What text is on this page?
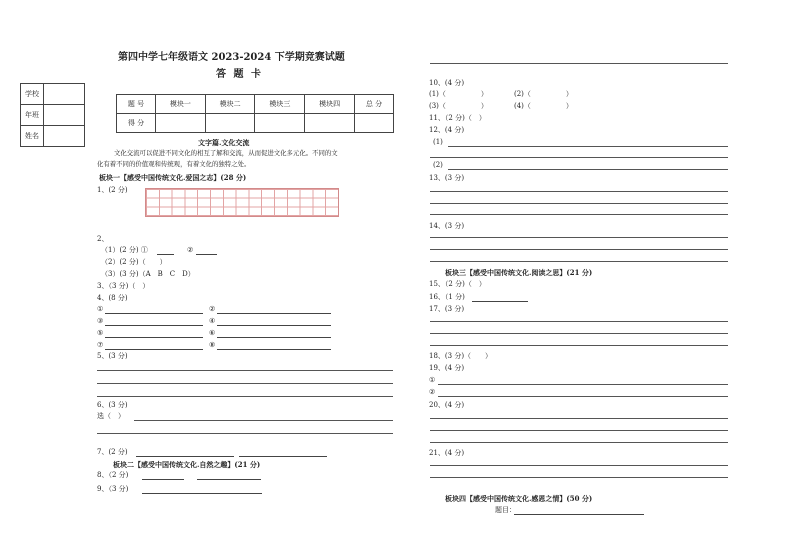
第四中学七年级语文 2023-2024 下学期竞赛试题
答 题 卡
学校	
年班	
姓名	
题 号	模块一	模块二	模块三	模块四	总 分
得 分					
文字篇.文化交流
文化交流可以促进不同文化的相互了解和交流，从而促进文化多元化。不同的文
化有着不同的价值观和传统观，有着文化的独特之处。
板块一【感受中国传统文化.爱国之志】(28 分)
1、(2 分)
2、
（1）(2 分) ①	②
（2）(2 分)（　　）
（3）(3 分)（A　B　C　D）
3、（3 分)（　）
4、(8 分)
①	②
③	④
⑤	⑥
⑦	⑧
5、(3 分)
6、(3 分)
选（　）
7、(2 分)
板块二【感受中国传统文化.自然之趣】(21 分)
8、（2 分)
9、（3 分)
10、(4 分)
(1)（　　　　　）	(2)（　　　　　）
(3)（　　　　　）	(4)（　　　　　）
11、（2 分)（　）
12、(4 分)
(1)
(2)
13、(3 分)
14、(3 分)
板块三【感受中国传统文化.阅读之思】(21 分)
15、（2 分)（　）
16、（1 分)
17、(3 分)
18、(3 分)（　　）
19、(4 分)
①
②
20、(4 分)
21、(4 分)
板块四【感受中国传统文化.感恩之情】(50 分)
题目：
